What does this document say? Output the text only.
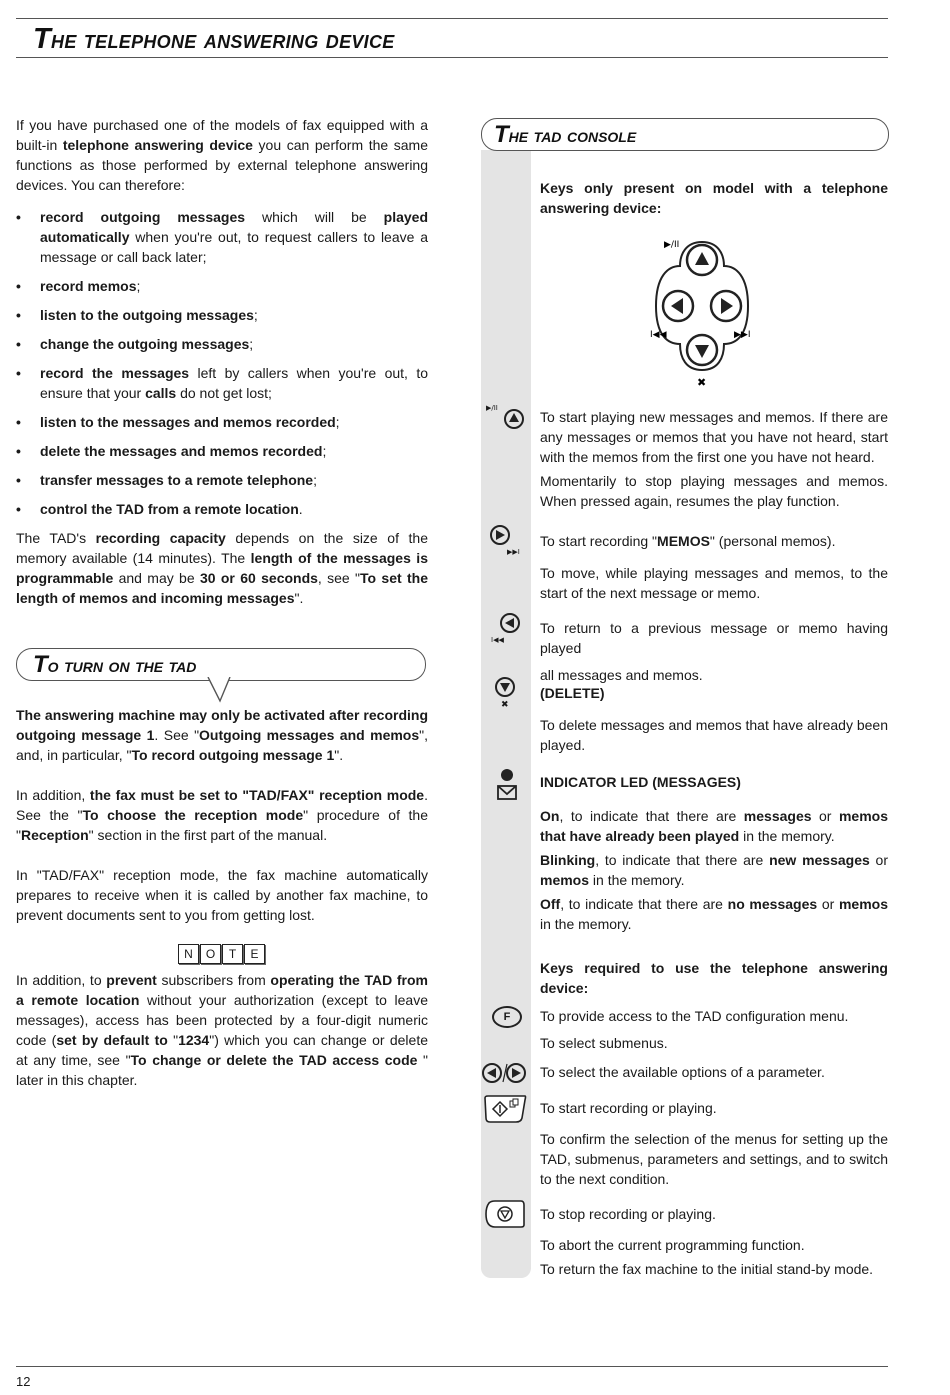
The telephone answering device

If you have purchased one of the models of fax equipped with a built-in telephone answering device you can perform the same functions as those performed by external telephone answering devices. You can therefore:

• record outgoing messages which will be played automatically when you're out, to request callers to leave a message or call back later;
• record memos;
• listen to the outgoing messages;
• change the outgoing messages;
• record the messages left by callers when you're out, to ensure that your calls do not get lost;
• listen to the messages and memos recorded;
• delete the messages and memos recorded;
• transfer messages to a remote telephone;
• control the TAD from a remote location.

The TAD's recording capacity depends on the size of the memory available (14 minutes). The length of the messages is programmable and may be 30 or 60 seconds, see "To set the length of memos and incoming messages".

To turn on the tad

The answering machine may only be activated after recording outgoing message 1. See "Outgoing messages and memos", and, in particular, "To record outgoing message 1".

In addition, the fax must be set to "TAD/FAX" reception mode. See the "To choose the reception mode" procedure of the "Reception" section in the first part of the manual.

In "TAD/FAX" reception mode, the fax machine automatically prepares to receive when it is called by another fax machine, to prevent documents sent to you from getting lost.

N O T E

In addition, to prevent subscribers from operating the TAD from a remote location without your authorization (except to leave messages), access has been protected by a four-digit numeric code (set by default to "1234") which you can change or delete at any time, see "To change or delete the TAD access code " later in this chapter.

The tad console

Keys only present on model with a telephone answering device:

▶/II
I◀◀	▶▶I
✖
▶/II

To start playing new messages and memos. If there are any messages or memos that you have not heard, start with the memos from the first one you have not heard.

Momentarily to stop playing messages and memos. When pressed again, resumes the play function.

▶▶I

To start recording "MEMOS" (personal memos).

To move, while playing messages and memos, to the start of the next message or memo.

I◀◀

To return to a previous message or memo having played

all messages and memos.

✖

(DELETE)

To delete messages and memos that have already been played.

INDICATOR LED (MESSAGES)

On, to indicate that there are messages or memos that have already been played in the memory.

Blinking, to indicate that there are new messages or memos in the memory.

Off, to indicate that there are no messages or memos in the memory.

Keys required to use the telephone answering device:

F	To provide access to the TAD configuration menu.

To select submenus.

To select the available options of a parameter.

To start recording or playing.

To confirm the selection of the menus for setting up the TAD, submenus, parameters and settings, and to switch to the next condition.

To stop recording or playing.

To abort the current programming function.

To return the fax machine to the initial stand-by mode.

12
